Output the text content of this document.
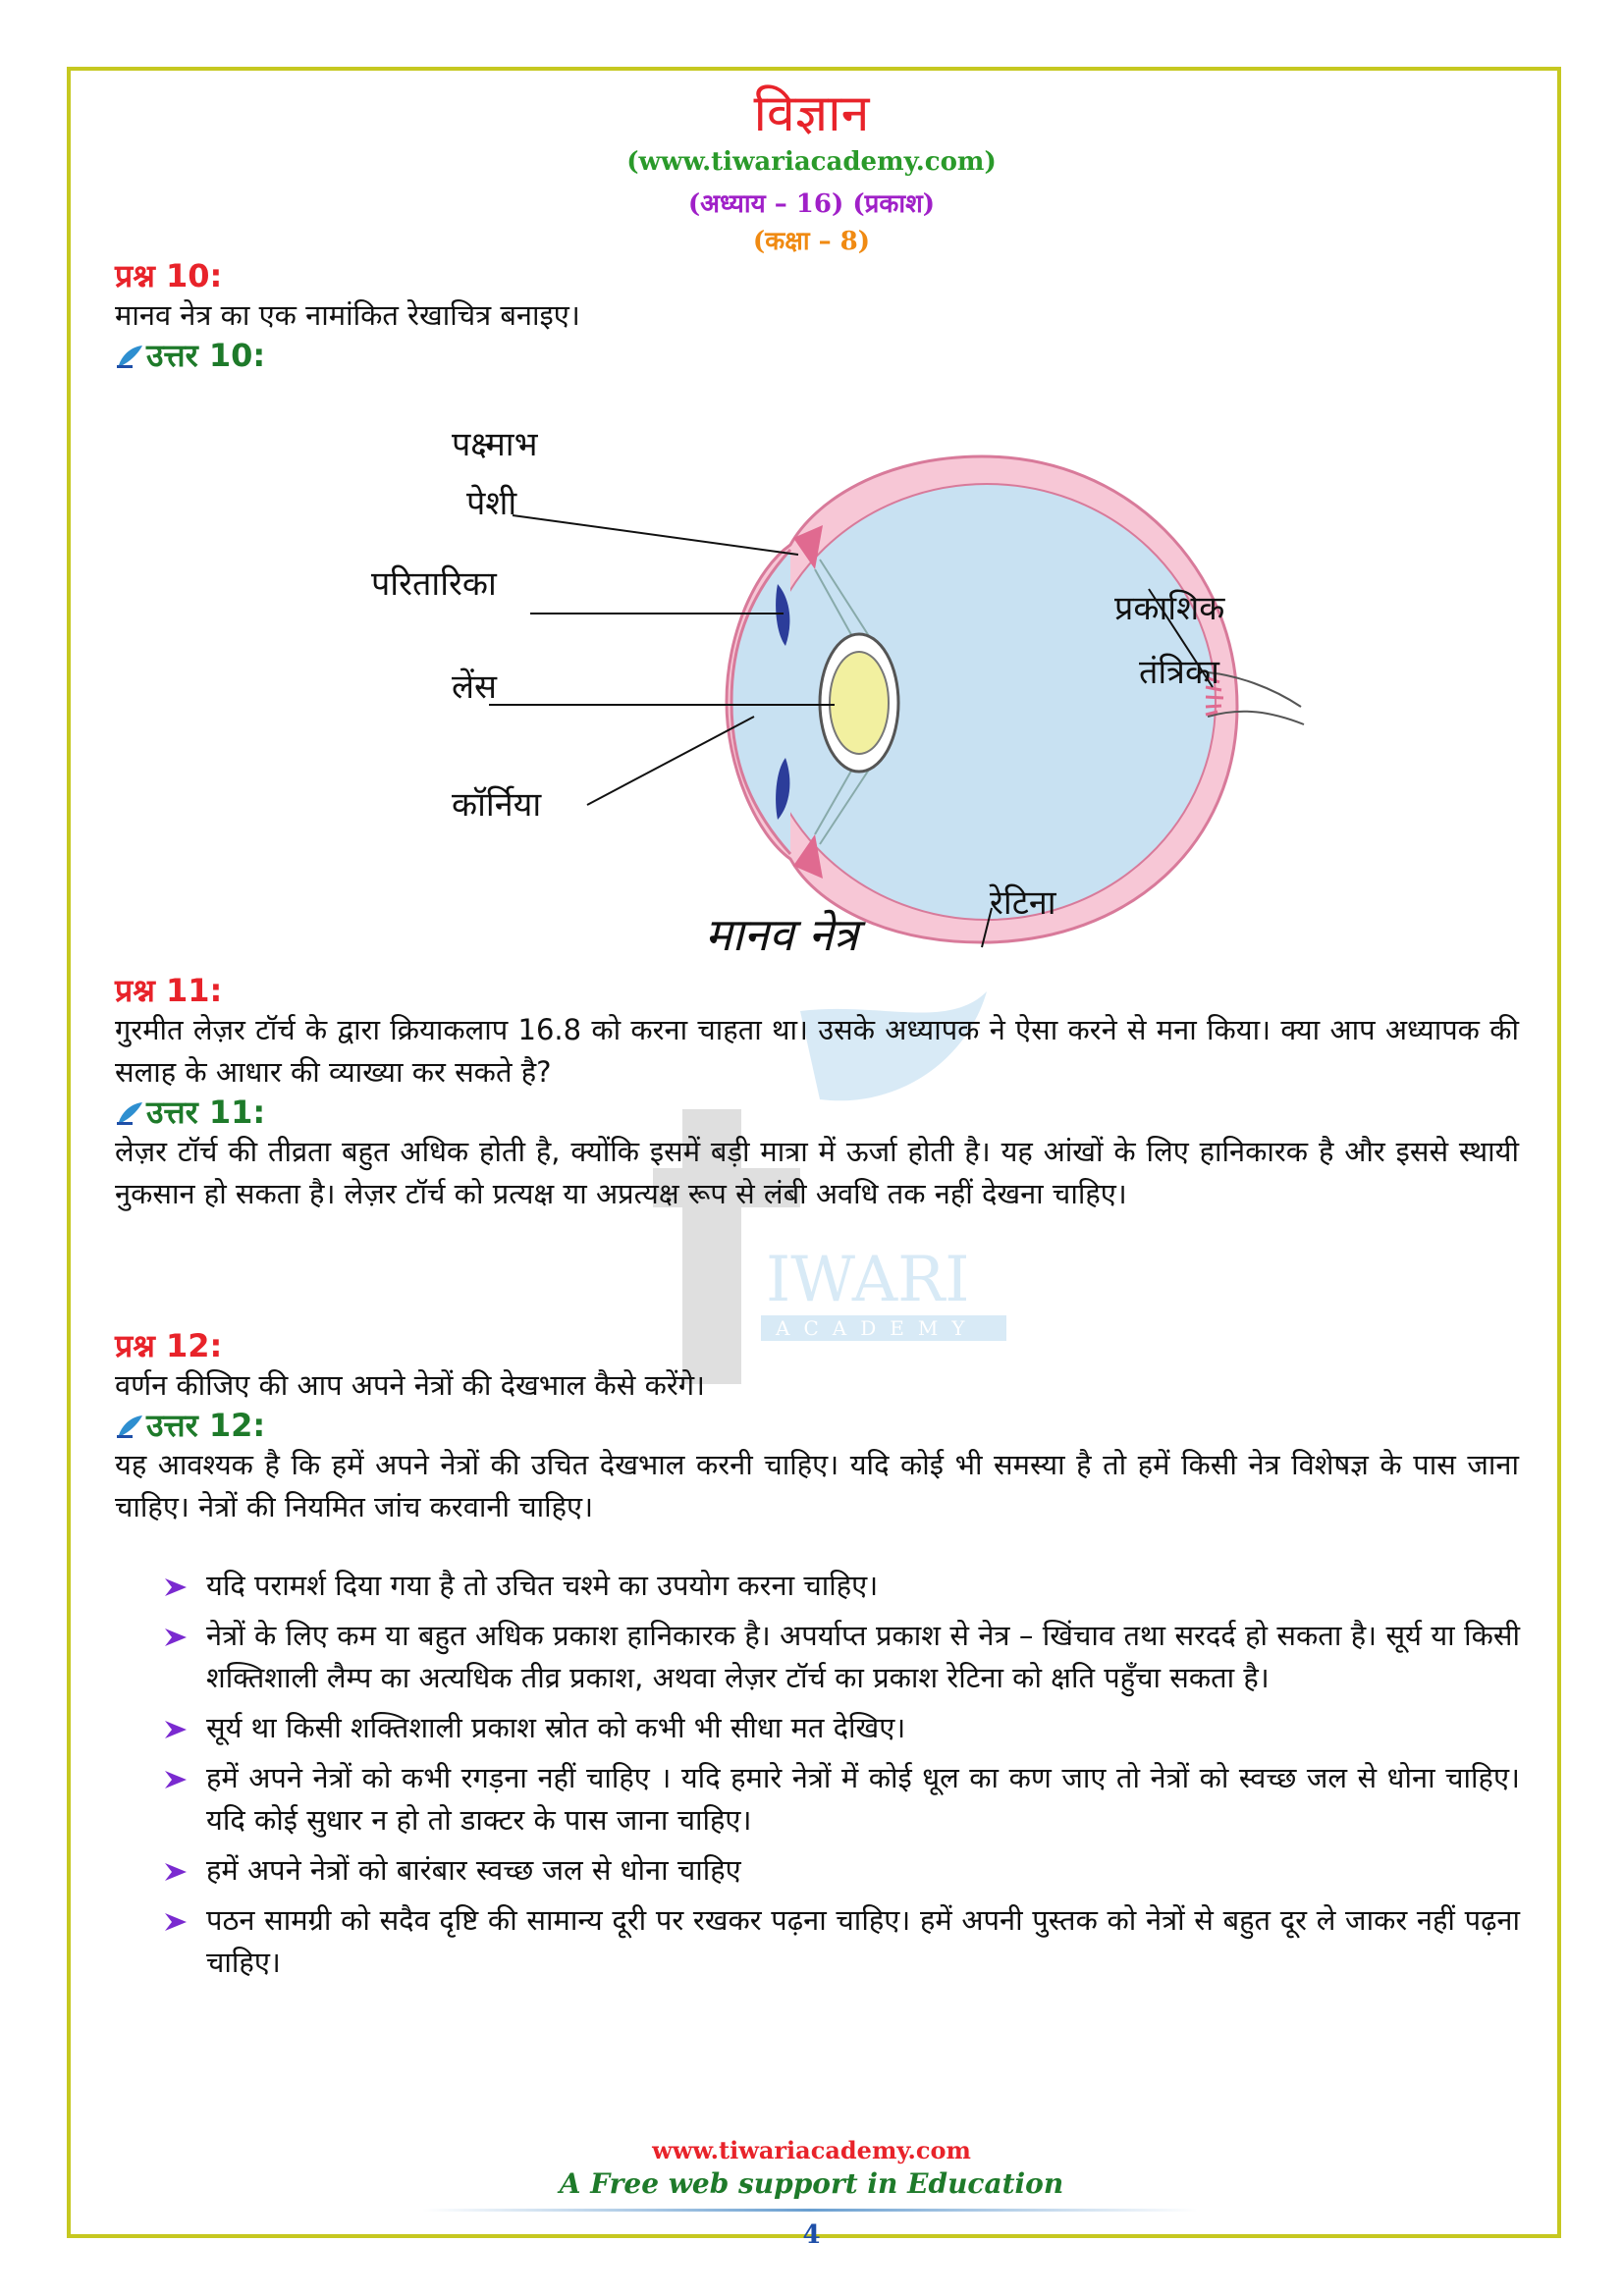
विज्ञान
(www.tiwariacademy.com)
(अध्याय – 16) (प्रकाश)
(कक्षा – 8)
IWARI
ACADEMY
प्रश्न 10:
मानव नेत्र का एक नामांकित रेखाचित्र बनाइए।
उत्तर 10:
पक्ष्माभ
पेशी
परितारिका
लेंस
कॉर्निया
प्रकाशिक
तंत्रिका
रेटिना
मानव नेत्र
प्रश्न 11:
गुरमीत लेज़र टॉर्च के द्वारा क्रियाकलाप 16.8 को करना चाहता था। उसके अध्यापक ने ऐसा करने से मना किया। क्या आप अध्यापक की सलाह के आधार की व्याख्या कर सकते है?
उत्तर 11:
लेज़र टॉर्च की तीव्रता बहुत अधिक होती है, क्योंकि इसमें बड़ी मात्रा में ऊर्जा होती है। यह आंखों के लिए हानिकारक है और इससे स्थायी नुकसान हो सकता है। लेज़र टॉर्च को प्रत्यक्ष या अप्रत्यक्ष रूप से लंबी अवधि तक नहीं देखना चाहिए।
प्रश्न 12:
वर्णन कीजिए की आप अपने नेत्रों की देखभाल कैसे करेंगे।
उत्तर 12:
यह आवश्यक है कि हमें अपने नेत्रों की उचित देखभाल करनी चाहिए। यदि कोई भी समस्या है तो हमें किसी नेत्र विशेषज्ञ के पास जाना चाहिए। नेत्रों की नियमित जांच करवानी चाहिए।
यदि परामर्श दिया गया है तो उचित चश्मे का उपयोग करना चाहिए।
नेत्रों के लिए कम या बहुत अधिक प्रकाश हानिकारक है। अपर्याप्त प्रकाश से नेत्र – खिंचाव तथा सरदर्द हो सकता है। सूर्य या किसी शक्तिशाली लैम्प का अत्यधिक तीव्र प्रकाश, अथवा लेज़र टॉर्च का प्रकाश रेटिना को क्षति पहुँचा सकता है।
सूर्य था किसी शक्तिशाली प्रकाश स्रोत को कभी भी सीधा मत देखिए।
हमें अपने नेत्रों को कभी रगड़ना नहीं चाहिए । यदि हमारे नेत्रों में कोई धूल का कण जाए तो नेत्रों को स्वच्छ जल से धोना चाहिए। यदि कोई सुधार न हो तो डाक्टर के पास जाना चाहिए।
हमें अपने नेत्रों को बारंबार स्वच्छ जल से धोना चाहिए
पठन सामग्री को सदैव दृष्टि की सामान्य दूरी पर रखकर पढ़ना चाहिए। हमें अपनी पुस्तक को नेत्रों से बहुत दूर ले जाकर नहीं पढ़ना चाहिए।
www.tiwariacademy.com
A Free web support in Education
4
